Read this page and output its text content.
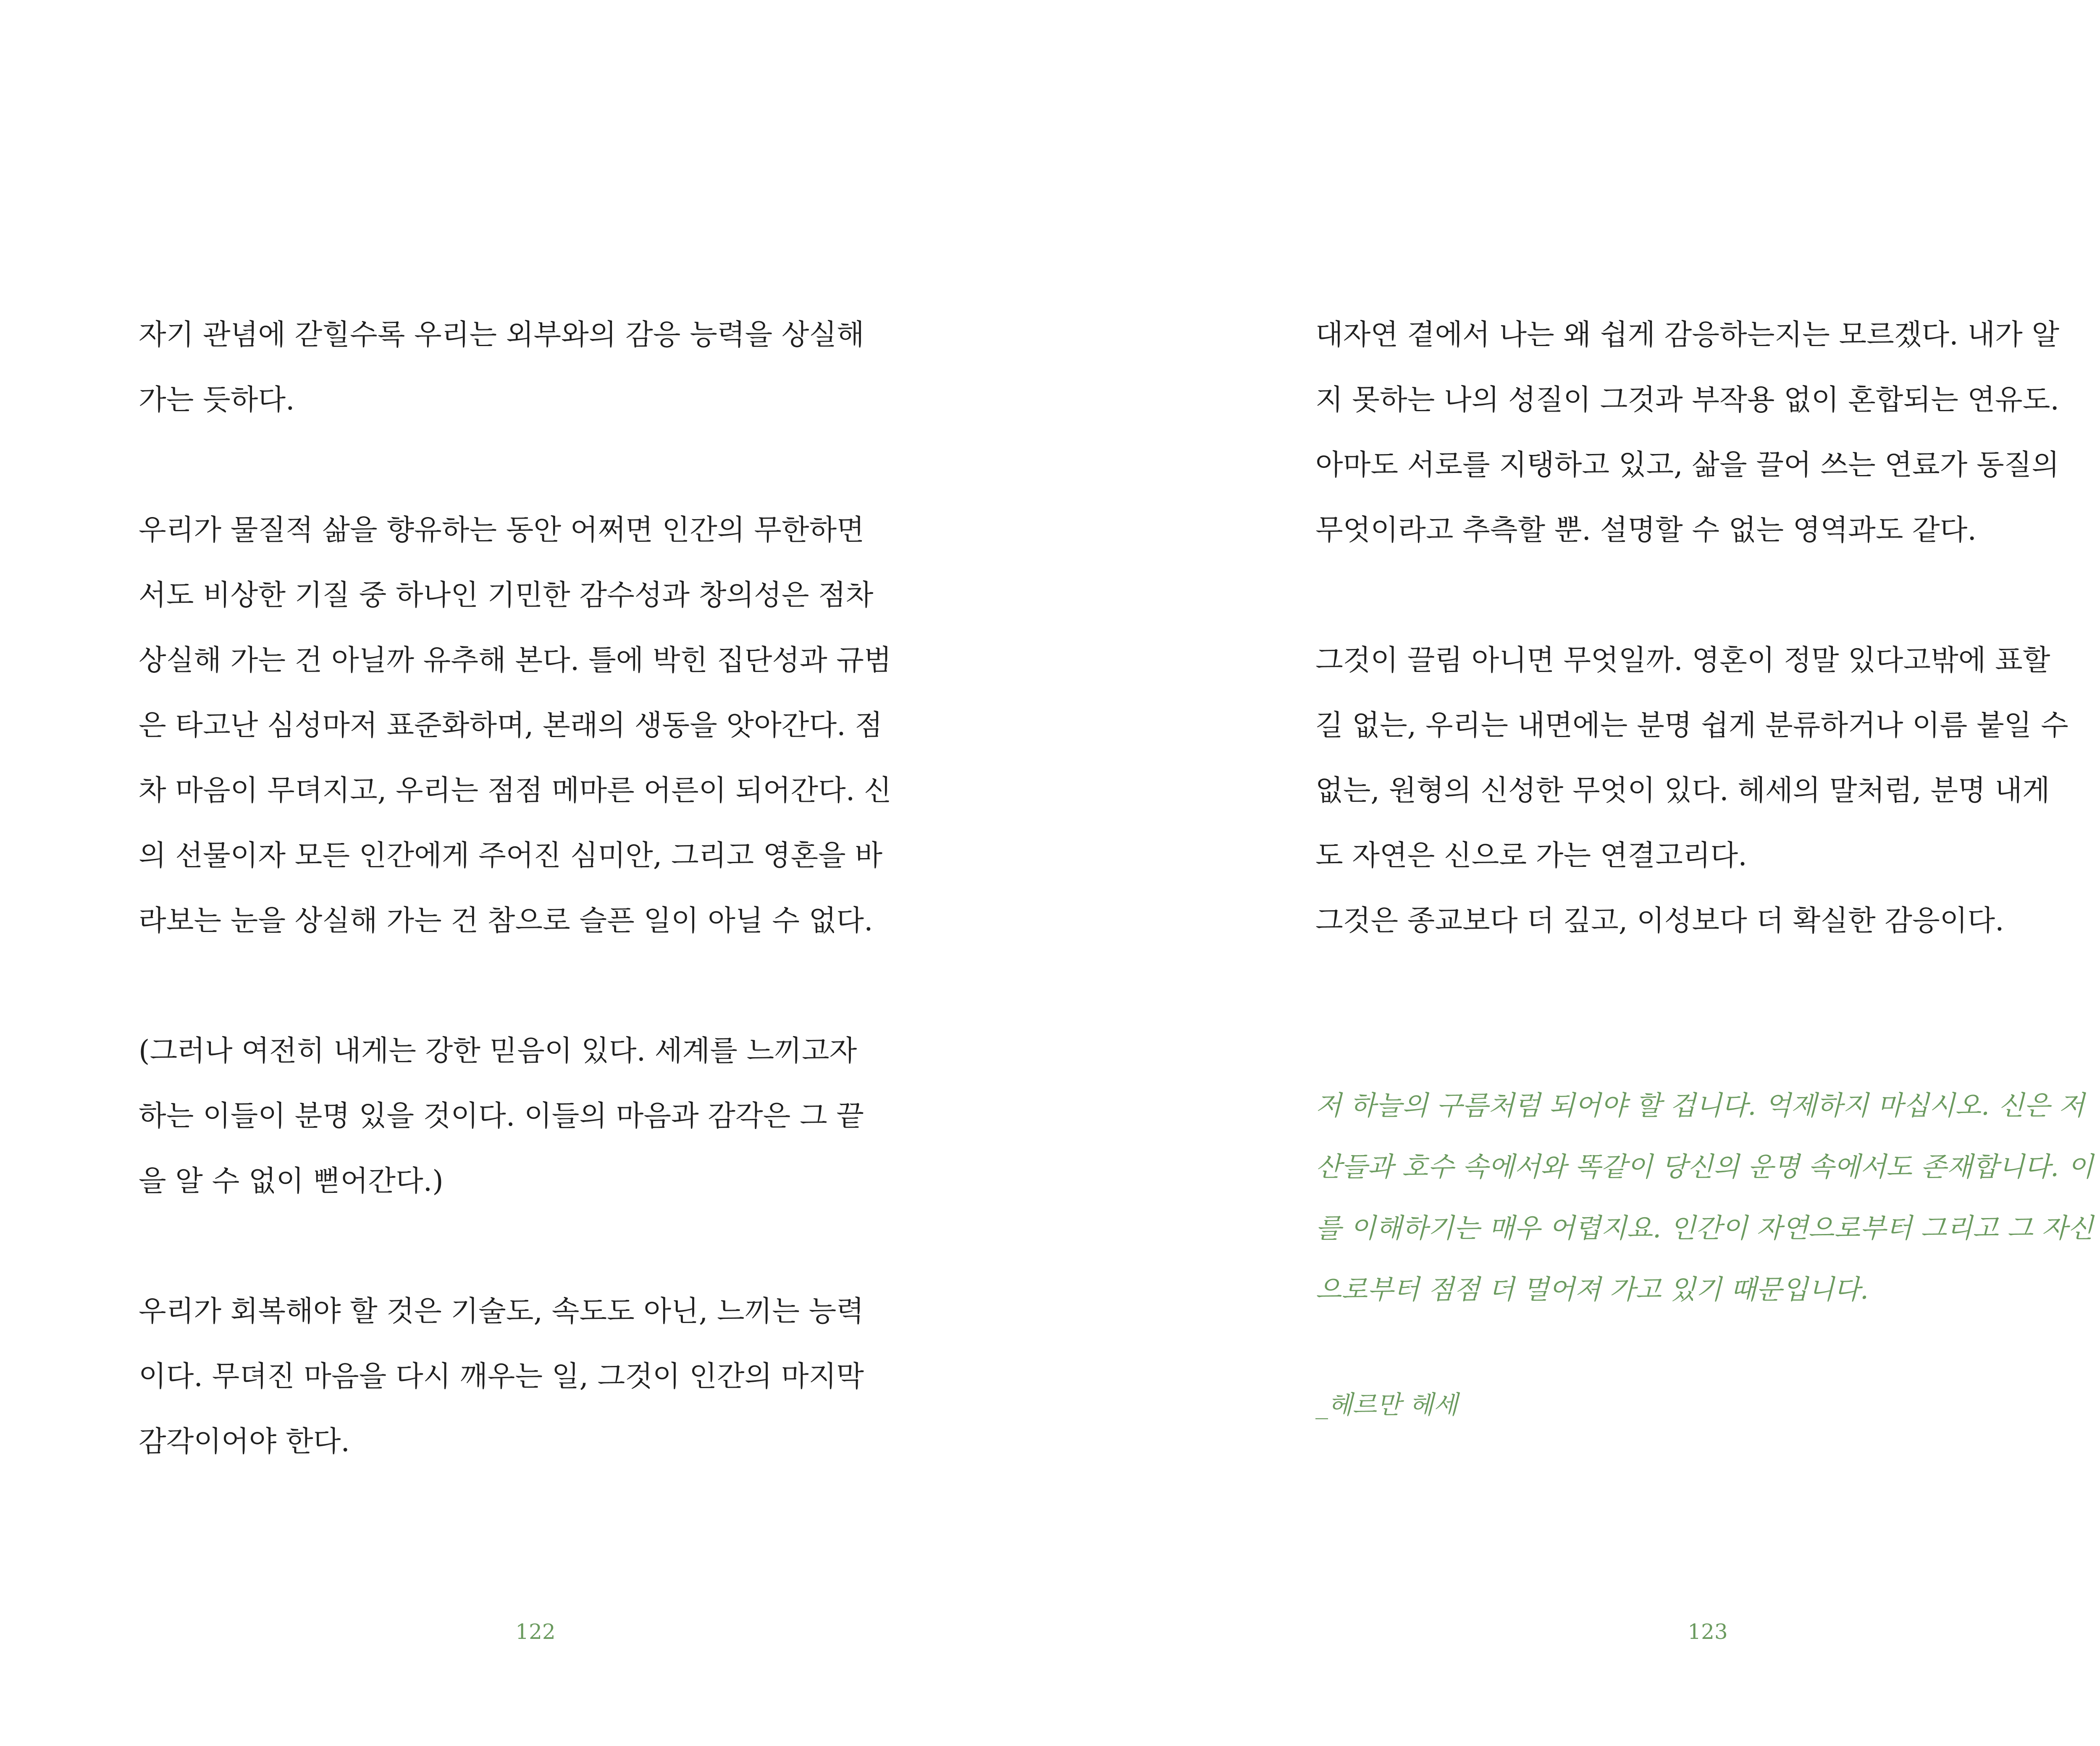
자기 관념에 갇힐수록 우리는 외부와의 감응 능력을 상실해
가는 듯하다.

우리가 물질적 삶을 향유하는 동안 어쩌면 인간의 무한하면
서도 비상한 기질 중 하나인 기민한 감수성과 창의성은 점차
상실해 가는 건 아닐까 유추해 본다. 틀에 박힌 집단성과 규범
은 타고난 심성마저 표준화하며, 본래의 생동을 앗아간다. 점
차 마음이 무뎌지고, 우리는 점점 메마른 어른이 되어간다. 신
의 선물이자 모든 인간에게 주어진 심미안, 그리고 영혼을 바
라보는 눈을 상실해 가는 건 참으로 슬픈 일이 아닐 수 없다.

(그러나 여전히 내게는 강한 믿음이 있다. 세계를 느끼고자
하는 이들이 분명 있을 것이다. 이들의 마음과 감각은 그 끝
을 알 수 없이 뻗어간다.)

우리가 회복해야 할 것은 기술도, 속도도 아닌, 느끼는 능력
이다. 무뎌진 마음을 다시 깨우는 일, 그것이 인간의 마지막
감각이어야 한다.

122

대자연 곁에서 나는 왜 쉽게 감응하는지는 모르겠다. 내가 알
지 못하는 나의 성질이 그것과 부작용 없이 혼합되는 연유도.
아마도 서로를 지탱하고 있고, 삶을 끌어 쓰는 연료가 동질의
무엇이라고 추측할 뿐. 설명할 수 없는 영역과도 같다.

그것이 끌림 아니면 무엇일까. 영혼이 정말 있다고밖에 표할
길 없는, 우리는 내면에는 분명 쉽게 분류하거나 이름 붙일 수
없는, 원형의 신성한 무엇이 있다. 헤세의 말처럼, 분명 내게
도 자연은 신으로 가는 연결고리다.
그것은 종교보다 더 깊고, 이성보다 더 확실한 감응이다.

저 하늘의 구름처럼 되어야 할 겁니다. 억제하지 마십시오. 신은 저
산들과 호수 속에서와 똑같이 당신의 운명 속에서도 존재합니다. 이
를 이해하기는 매우 어렵지요. 인간이 자연으로부터 그리고 그 자신
으로부터 점점 더 멀어져 가고 있기 때문입니다.
_헤르만 헤세
123
